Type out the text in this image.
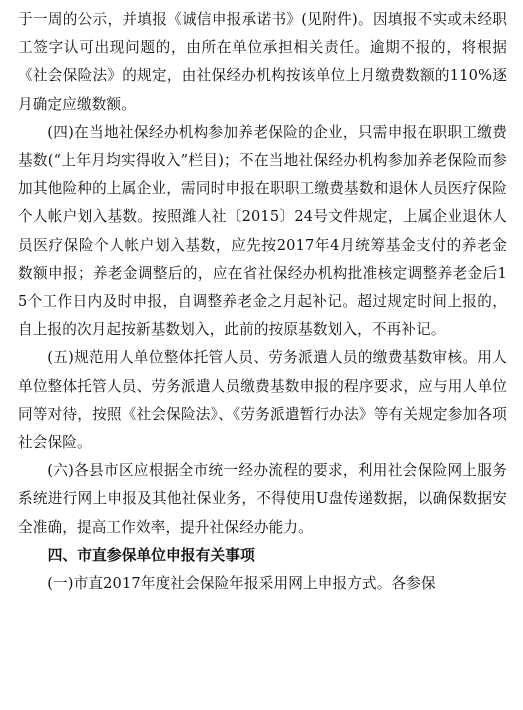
于一周的公示，并填报《诚信申报承诺书》(见附件)。因填报不实或未经职工签字认可出现问题的，由所在单位承担相关责任。逾期不报的，将根据《社会保险法》的规定，由社保经办机构按该单位上月缴费数额的110%逐月确定应缴数额。

(四)在当地社保经办机构参加养老保险的企业，只需申报在职职工缴费基数(“上年月均实得收入”栏目)；不在当地社保经办机构参加养老保险而参加其他险种的上属企业，需同时申报在职职工缴费基数和退休人员医疗保险个人帐户划入基数。按照潍人社〔2015〕24号文件规定，上属企业退休人员医疗保险个人帐户划入基数，应先按2017年4月统筹基金支付的养老金数额申报；养老金调整后的，应在省社保经办机构批准核定调整养老金后15个工作日内及时申报，自调整养老金之月起补记。超过规定时间上报的，自上报的次月起按新基数划入，此前的按原基数划入，不再补记。

(五)规范用人单位整体托管人员、劳务派遣人员的缴费基数审核。用人单位整体托管人员、劳务派遣人员缴费基数申报的程序要求，应与用人单位同等对待，按照《社会保险法》、《劳务派遣暂行办法》等有关规定参加各项社会保险。

(六)各县市区应根据全市统一经办流程的要求，利用社会保险网上服务系统进行网上申报及其他社保业务，不得使用U盘传递数据，以确保数据安全准确，提高工作效率，提升社保经办能力。

四、市直参保单位申报有关事项

(一)市直2017年度社会保险年报采用网上申报方式。各参保
